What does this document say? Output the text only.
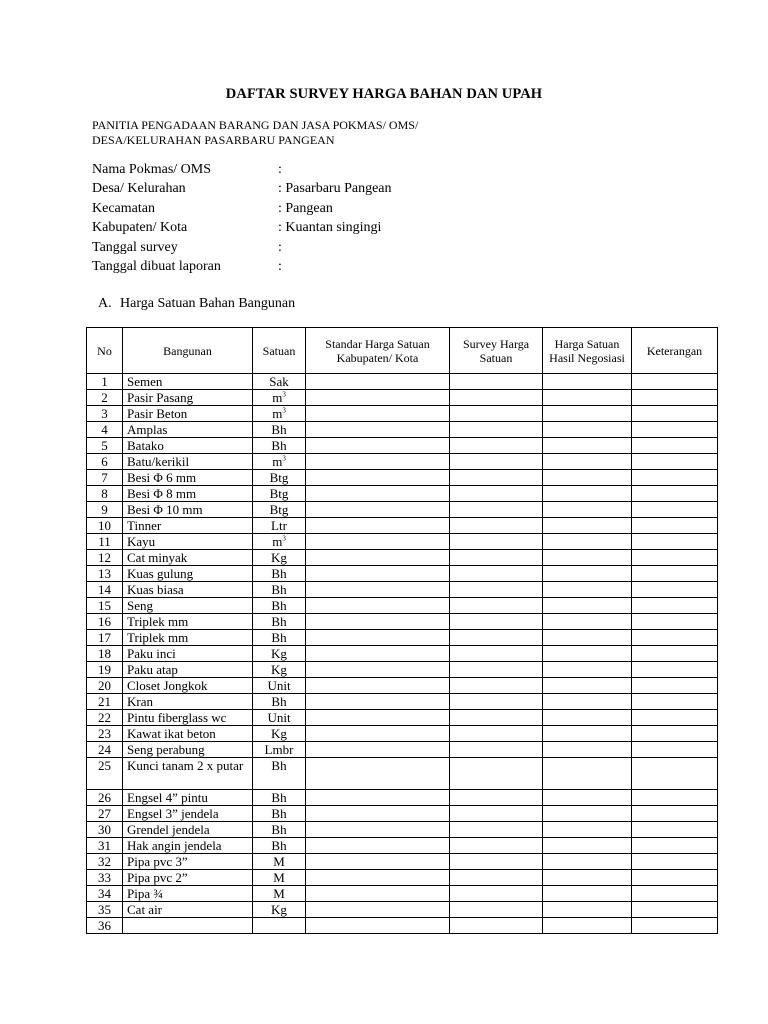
DAFTAR SURVEY HARGA BAHAN DAN UPAH
PANITIA PENGADAAN BARANG DAN JASA POKMAS/ OMS/
DESA/KELURAHAN PASARBARU PANGEAN
Nama Pokmas/ OMS	:
Desa/ Kelurahan	: Pasarbaru Pangean
Kecamatan	: Pangean
Kabupaten/ Kota	: Kuantan singingi
Tanggal survey	:
Tanggal dibuat laporan	:
A. Harga Satuan Bahan Bangunan
No	Bangunan	Satuan	Standar Harga Satuan Kabupaten/ Kota	Survey Harga Satuan	Harga Satuan Hasil Negosiasi	Keterangan
1	Semen	Sak				
2	Pasir Pasang	$m^3$				
3	Pasir Beton	$m^3$				
4	Amplas	Bh				
5	Batako	Bh				
6	Batu/kerikil	$m^3$				
7	Besi Φ 6 mm	Btg				
8	Besi Φ 8 mm	Btg				
9	Besi Φ 10 mm	Btg				
10	Tinner	Ltr				
11	Kayu	$m^3$				
12	Cat minyak	Kg				
13	Kuas gulung	Bh				
14	Kuas biasa	Bh				
15	Seng	Bh				
16	Triplek mm	Bh				
17	Triplek mm	Bh				
18	Paku inci	Kg				
19	Paku atap	Kg				
20	Closet Jongkok	Unit				
21	Kran	Bh				
22	Pintu fiberglass wc	Unit				
23	Kawat ikat beton	Kg				
24	Seng perabung	Lmbr				
25	Kunci tanam 2 x putar	Bh				
26	Engsel 4” pintu	Bh				
27	Engsel 3” jendela	Bh				
30	Grendel jendela	Bh				
31	Hak angin jendela	Bh				
32	Pipa pvc 3”	M				
33	Pipa pvc 2”	M				
34	Pipa ¾	M				
35	Cat air	Kg				
36						
